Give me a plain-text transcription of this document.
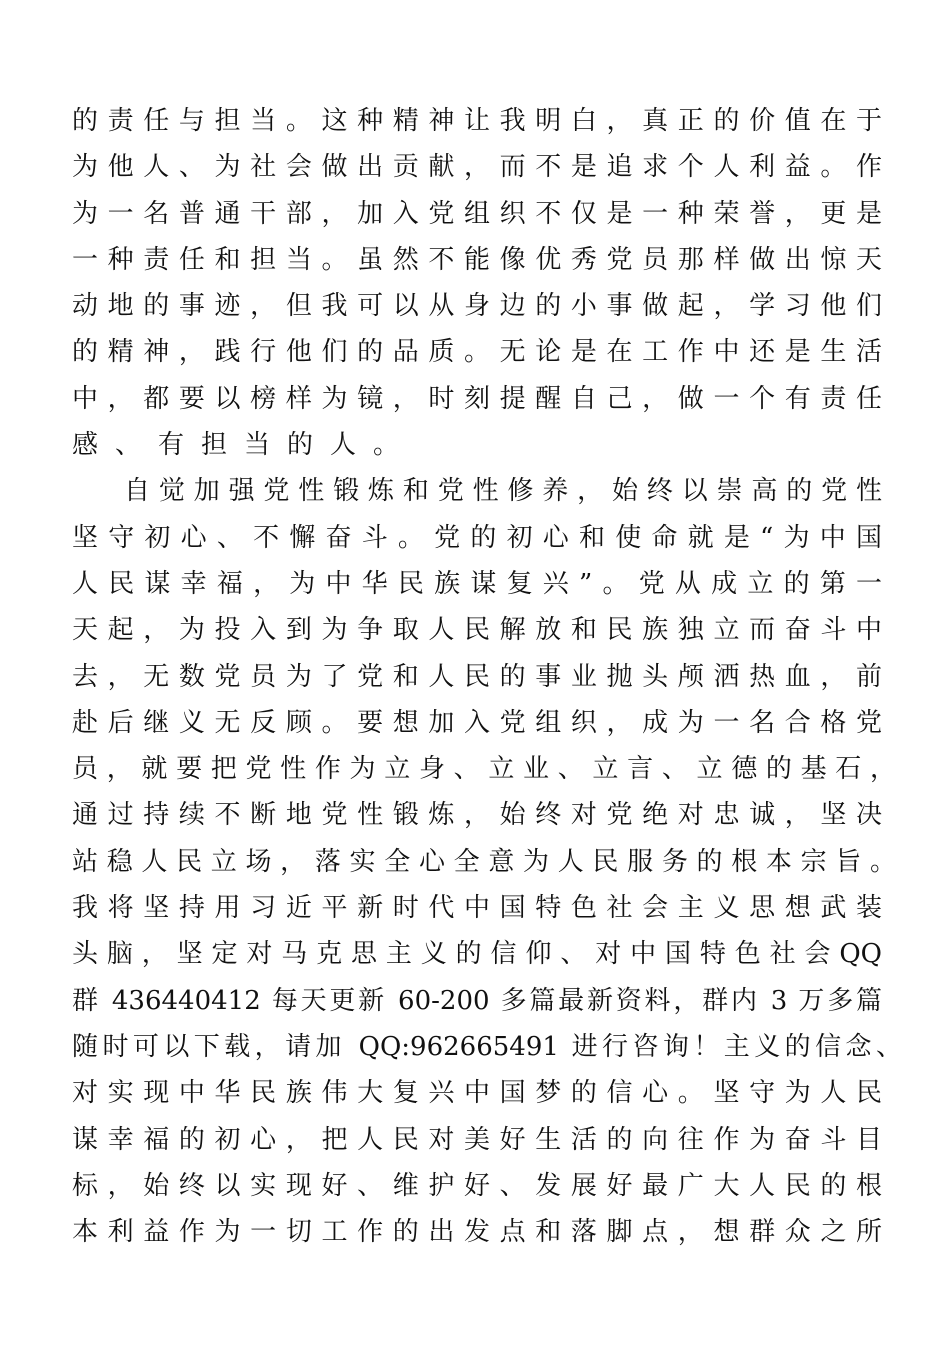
的责任与担当。这种精神让我明白，真正的价值在于
为他人、为社会做出贡献，而不是追求个人利益。作
为一名普通干部，加入党组织不仅是一种荣誉，更是
一种责任和担当。虽然不能像优秀党员那样做出惊天
动地的事迹，但我可以从身边的小事做起，学习他们
的精神，践行他们的品质。无论是在工作中还是生活
中，都要以榜样为镜，时刻提醒自己，做一个有责任
感、有担当的人。
自觉加强党性锻炼和党性修养，始终以崇高的党性
坚守初心、不懈奋斗。党的初心和使命就是“为中国
人民谋幸福，为中华民族谋复兴”。党从成立的第一
天起，为投入到为争取人民解放和民族独立而奋斗中
去，无数党员为了党和人民的事业抛头颅洒热血，前
赴后继义无反顾。要想加入党组织，成为一名合格党
员，就要把党性作为立身、立业、立言、立德的基石，
通过持续不断地党性锻炼，始终对党绝对忠诚，坚决
站稳人民立场，落实全心全意为人民服务的根本宗旨。
我将坚持用习近平新时代中国特色社会主义思想武装
头脑，坚定对马克思主义的信仰、对中国特色社会QQ
群 436440412 每天更新 60-200 多篇最新资料，群内 3 万多篇
随时可以下载，请加 QQ:962665491 进行咨询！主义的信念、
对实现中华民族伟大复兴中国梦的信心。坚守为人民
谋幸福的初心，把人民对美好生活的向往作为奋斗目
标，始终以实现好、维护好、发展好最广大人民的根
本利益作为一切工作的出发点和落脚点，想群众之所
